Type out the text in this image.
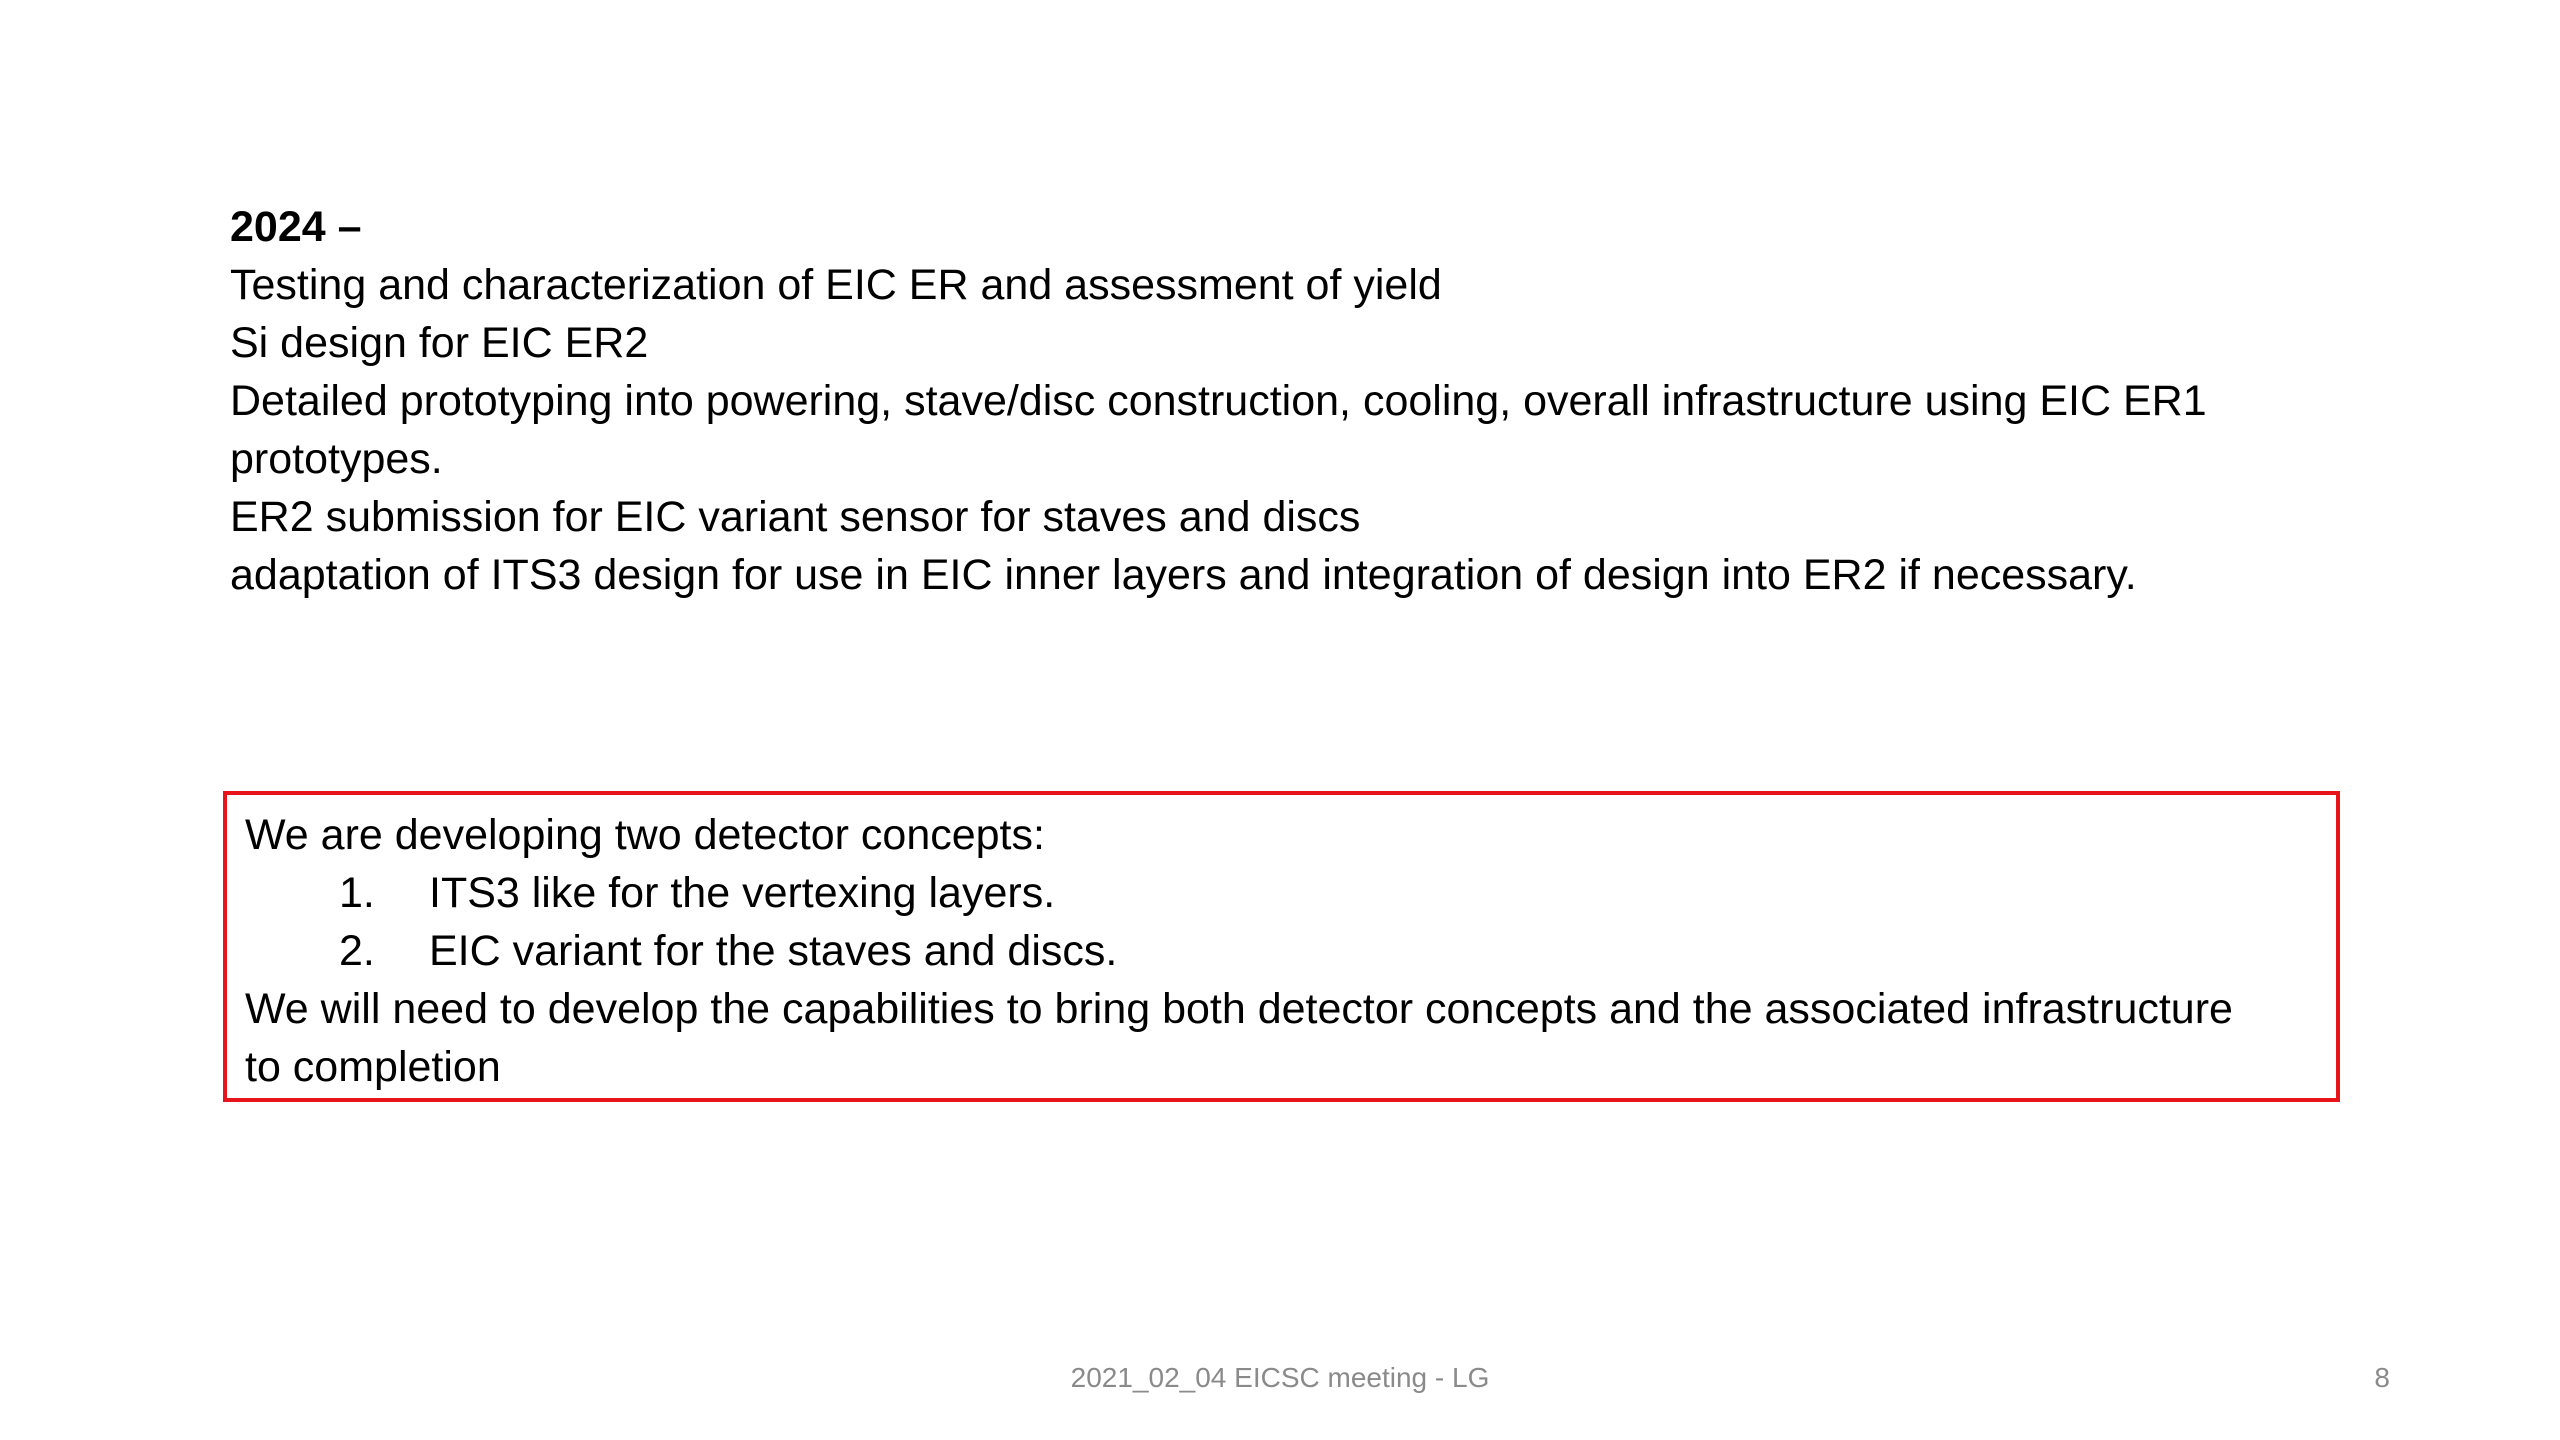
2024 –
Testing and characterization of EIC ER and assessment of yield
Si design for EIC ER2
Detailed prototyping into powering, stave/disc construction, cooling, overall infrastructure using EIC ER1
prototypes.
ER2 submission for EIC variant sensor for staves and discs
adaptation of ITS3 design for use in EIC inner layers and integration of design into ER2 if necessary.
We are developing two detector concepts:
1.	ITS3 like for the vertexing layers.
2.	EIC variant for the staves and discs.
We will need to develop the capabilities to bring both detector concepts and the associated infrastructure
to completion
2021_02_04 EICSC meeting - LG	8
